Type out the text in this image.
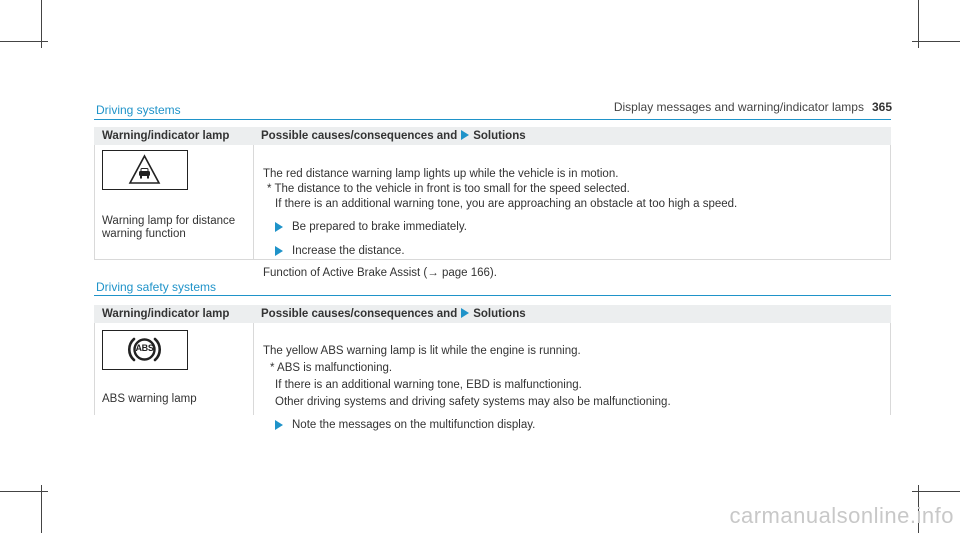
Display messages and warning/indicator lamps 365
Driving systems
Warning/indicator lamp	Possible causes/consequences and Solutions
Warning lamp for distance
warning function
The red distance warning lamp lights up while the vehicle is in motion.
* The distance to the vehicle in front is too small for the speed selected.
If there is an additional warning tone, you are approaching an obstacle at too high a speed.
Be prepared to brake immediately.
Increase the distance.
Function of Active Brake Assist (→ page 166).
Driving safety systems
Warning/indicator lamp	Possible causes/consequences and Solutions
ABS
ABS warning lamp
The yellow ABS warning lamp is lit while the engine is running.
* ABS is malfunctioning.
If there is an additional warning tone, EBD is malfunctioning.
Other driving systems and driving safety systems may also be malfunctioning.
Note the messages on the multifunction display.
carmanualsonline.info
